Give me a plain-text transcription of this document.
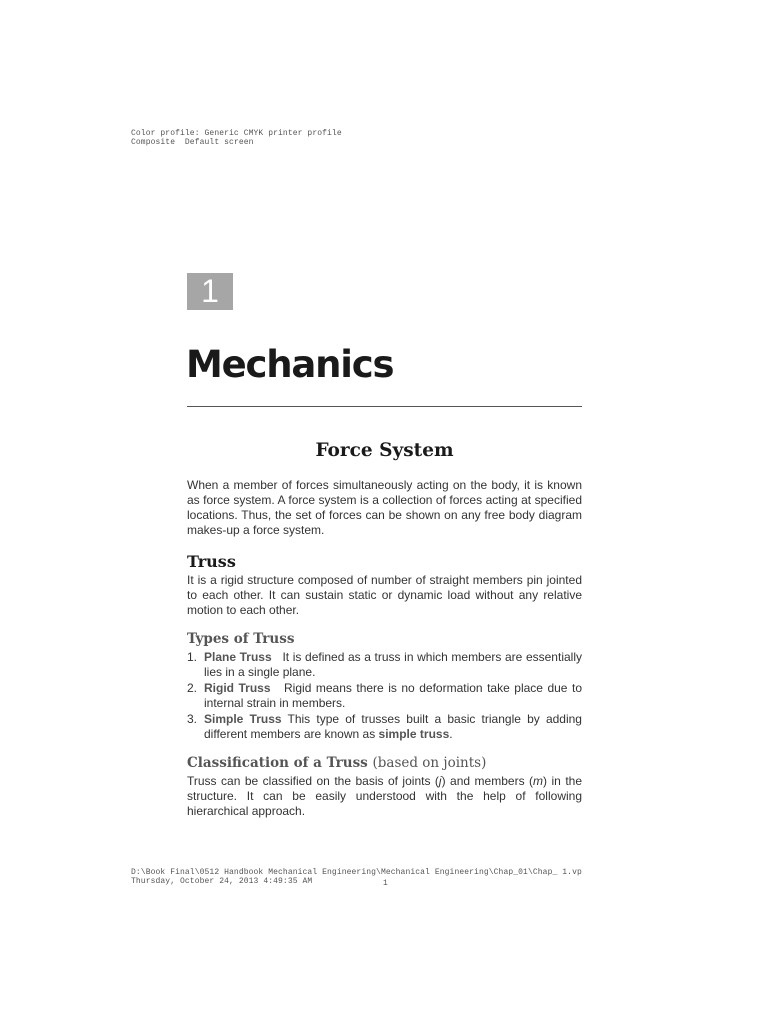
Color profile: Generic CMYK printer profile
Composite  Default screen
1
Mechanics
Force System

When a member of forces simultaneously acting on the body, it is known as force system. A force system is a collection of forces acting at specified locations. Thus, the set of forces can be shown on any free body diagram makes-up a force system.

Truss

It is a rigid structure composed of number of straight members pin jointed to each other. It can sustain static or dynamic load without any relative motion to each other.

Types of Truss
1. Plane Truss It is defined as a truss in which members are essentially lies in a single plane.
2. Rigid Truss Rigid means there is no deformation take place due to internal strain in members.
3. Simple Truss This type of trusses built a basic triangle by adding different members are known as simple truss.
Classification of a Truss (based on joints)

Truss can be classified on the basis of joints (j) and members (m) in the structure. It can be easily understood with the help of following hierarchical approach.

D:\Book Final\0512 Handbook Mechanical Engineering\Mechanical Engineering\Chap_01\Chap_ 1.vp
Thursday, October 24, 2013 4:49:35 AM	1
